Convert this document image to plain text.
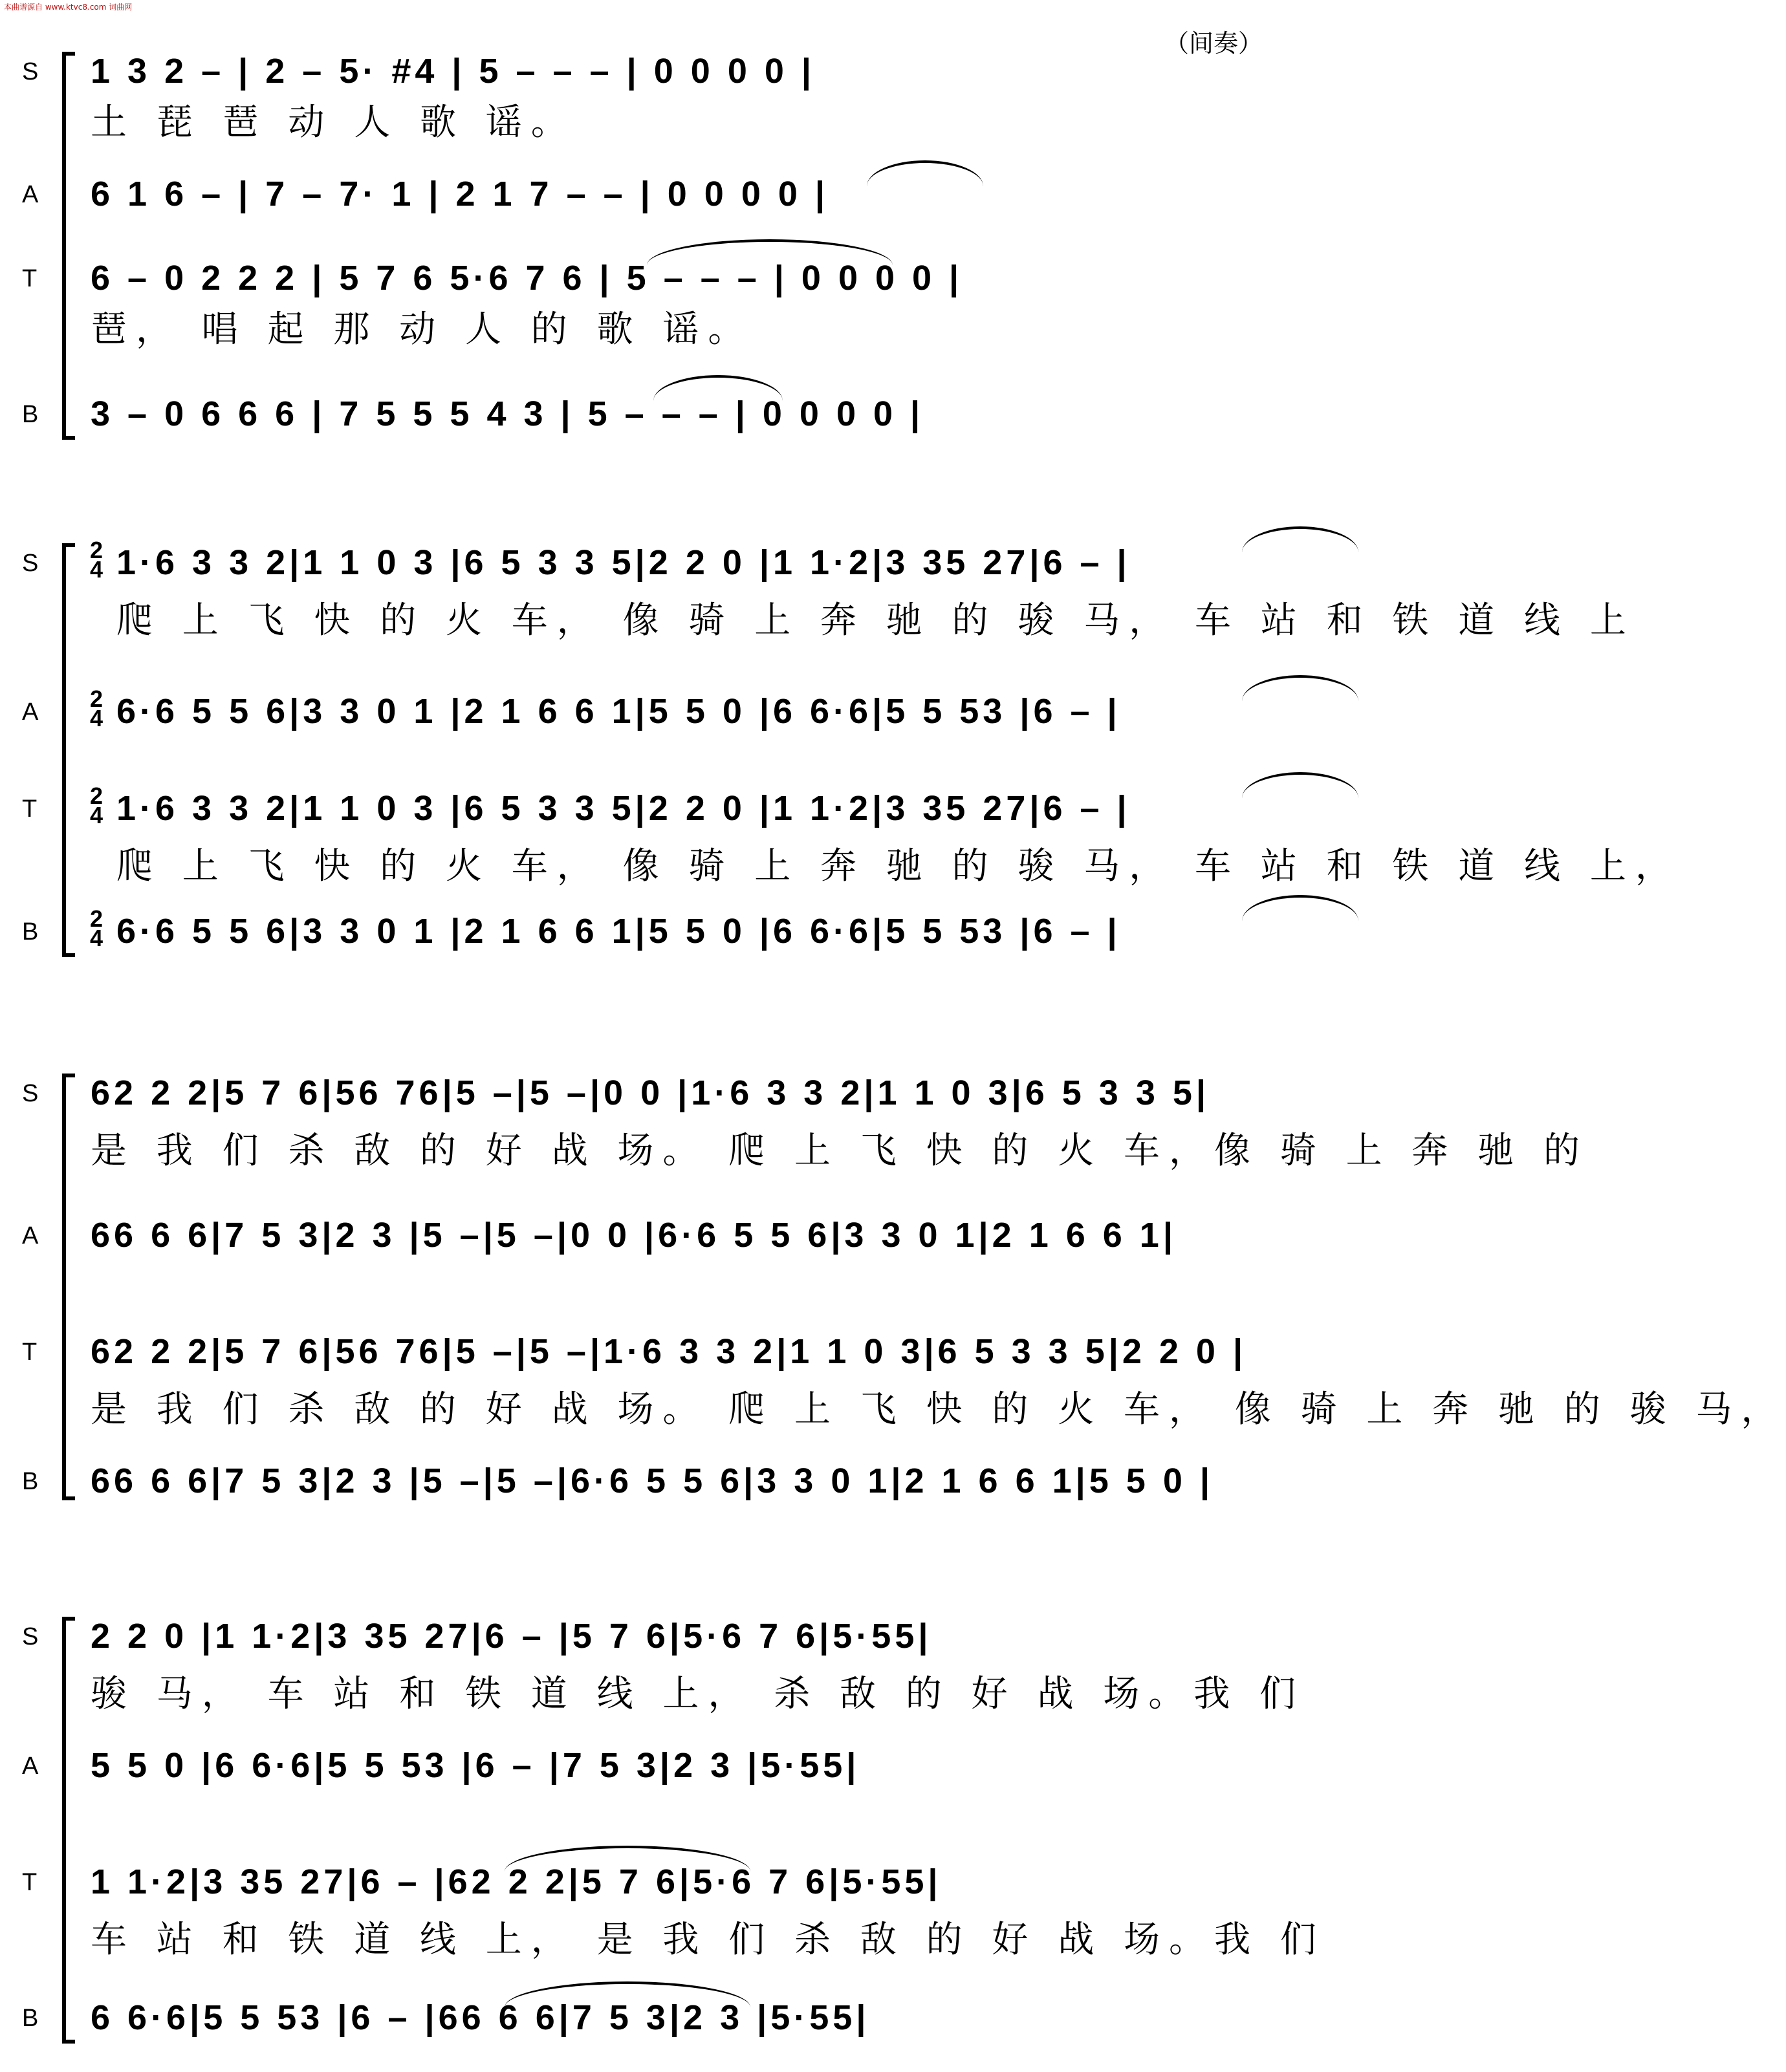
本曲谱源自 www.ktvc8.com 词曲网
（间奏）
S
A
T
B
1 3 2 – | 2 – 5· #4 | 5 – – – | 0 0 0 0 |
土 琵 琶 动 人 歌 谣。
6 1 6 – | 7 – 7· 1 | 2 1 7 – – | 0 0 0 0 |
6 – 0 2 2 2 | 5 7 6 5·6 7 6 | 5 – – – | 0 0 0 0 |
琶， 唱 起 那 动 人 的 歌 谣。
3 – 0 6 6 6 | 7 5 5 5 4 3 | 5 – – – | 0 0 0 0 |
S
A
T
B
2
4 1·6 3 3 2|1 1 0 3 |6 5 3 3 5|2 2 0 |1 1·2|3 35 27|6 – |
爬 上 飞 快 的 火 车， 像 骑 上 奔 驰 的 骏 马， 车 站 和 铁 道 线 上
2
4 6·6 5 5 6|3 3 0 1 |2 1 6 6 1|5 5 0 |6 6·6|5 5 53 |6 – |
2
4 1·6 3 3 2|1 1 0 3 |6 5 3 3 5|2 2 0 |1 1·2|3 35 27|6 – |
爬 上 飞 快 的 火 车， 像 骑 上 奔 驰 的 骏 马， 车 站 和 铁 道 线 上，
2
4 6·6 5 5 6|3 3 0 1 |2 1 6 6 1|5 5 0 |6 6·6|5 5 53 |6 – |
S
A
T
B
62 2 2|5 7 6|56 76|5 –|5 –|0 0 |1·6 3 3 2|1 1 0 3|6 5 3 3 5|
是 我 们 杀 敌 的 好 战 场。 爬 上 飞 快 的 火 车，像 骑 上 奔 驰 的
66 6 6|7 5 3|2 3 |5 –|5 –|0 0 |6·6 5 5 6|3 3 0 1|2 1 6 6 1|
62 2 2|5 7 6|56 76|5 –|5 –|1·6 3 3 2|1 1 0 3|6 5 3 3 5|2 2 0 |
是 我 们 杀 敌 的 好 战 场。 爬 上 飞 快 的 火 车， 像 骑 上 奔 驰 的 骏 马，
66 6 6|7 5 3|2 3 |5 –|5 –|6·6 5 5 6|3 3 0 1|2 1 6 6 1|5 5 0 |
S
A
T
B
2 2 0 |1 1·2|3 35 27|6 – |5 7 6|5·6 7 6|5·55|
骏 马， 车 站 和 铁 道 线 上， 杀 敌 的 好 战 场。我 们
5 5 0 |6 6·6|5 5 53 |6 – |7 5 3|2 3 |5·55|
1 1·2|3 35 27|6 – |62 2 2|5 7 6|5·6 7 6|5·55|
车 站 和 铁 道 线 上， 是 我 们 杀 敌 的 好 战 场。我 们
6 6·6|5 5 53 |6 – |66 6 6|7 5 3|2 3 |5·55|
